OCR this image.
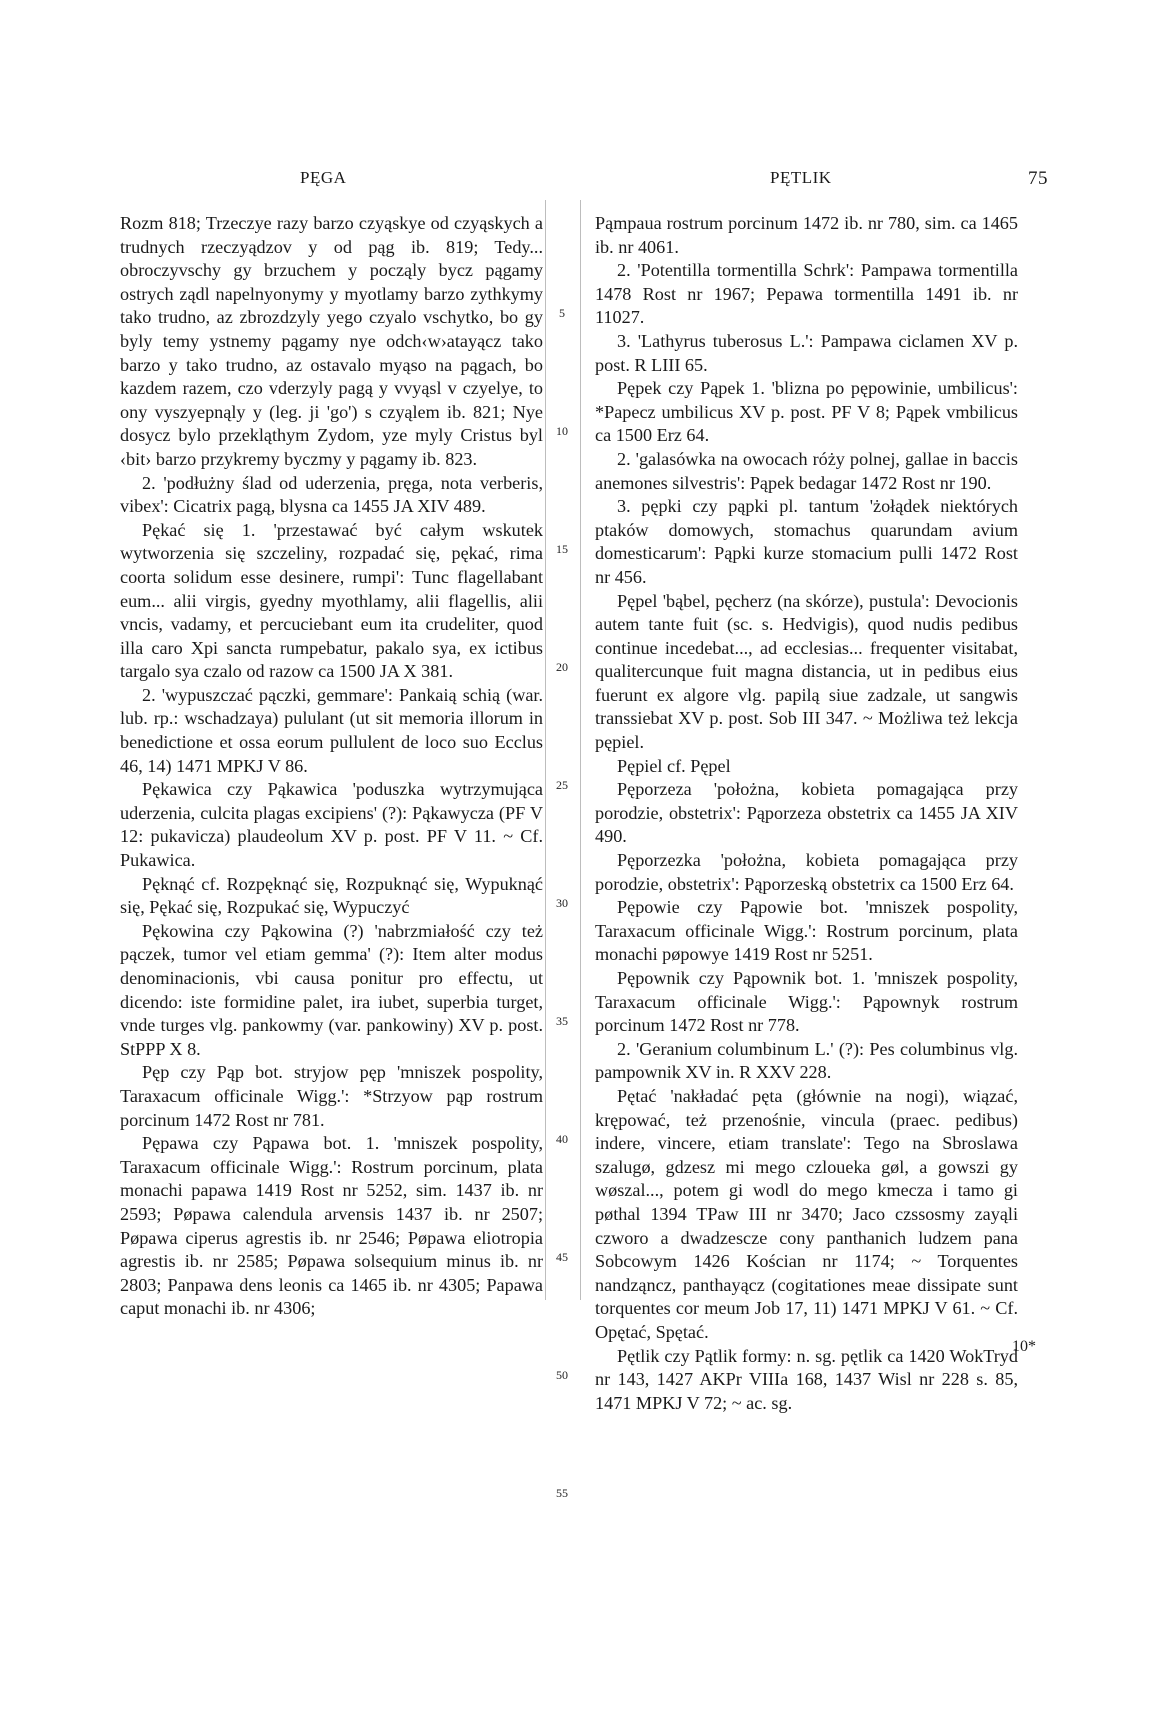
PĘGA	PĘTLIK	75

Rozm 818; Trzeczye razy barzo czyąskye od czyąskych a trudnych rzeczyądzov y od pąg ib. 819; Tedy... obroczyvschy gy brzuchem y począly bycz pągamy ostrych ządl napelnyonymy y myotlamy barzo zythkymy tako trudno, az zbrozdzyly yego czyalo vschytko, bo gy byly temy ystnemy pągamy nye odch‹w›atayącz tako barzo y tako trudno, az ostavalo myąso na pągach, bo kazdem razem, czo vderzyly pagą y vvyąsl v czyelye, to ony vyszyepnąly y (leg. ji 'go') s czyąlem ib. 821; Nye dosycz bylo przekląthym Zydom, yze myly Cristus byl ‹bit› barzo przykremy byczmy y pągamy ib. 823.

2. 'podłużny ślad od uderzenia, pręga, nota verberis, vibex': Cicatrix pagą, blysna ca 1455 JA XIV 489.

Pękać się 1. 'przestawać być całym wskutek wytworzenia się szczeliny, rozpadać się, pękać, rima coorta solidum esse desinere, rumpi': Tunc flagellabant eum... alii virgis, gyedny myothlamy, alii flagellis, alii vncis, vadamy, et percuciebant eum ita crudeliter, quod illa caro Xpi sancta rumpebatur, pakalo sya, ex ictibus targalo sya czalo od razow ca 1500 JA X 381.

2. 'wypuszczać pączki, gemmare': Pankaią schią (war. lub. rp.: wschadzaya) pululant (ut sit memoria illorum in benedictione et ossa eorum pullulent de loco suo Ecclus 46, 14) 1471 MPKJ V 86.

Pękawica czy Pąkawica 'poduszka wytrzymująca uderzenia, culcita plagas excipiens' (?): Pąkawycza (PF V 12: pukavicza) plaudeolum XV p. post. PF V 11. ~ Cf. Pukawica.

Pęknąć cf. Rozpęknąć się, Rozpuknąć się, Wypuknąć się, Pękać się, Rozpukać się, Wypuczyć

Pękowina czy Pąkowina (?) 'nabrzmiałość czy też pączek, tumor vel etiam gemma' (?): Item alter modus denominacionis, vbi causa ponitur pro effectu, ut dicendo: iste formidine palet, ira iubet, superbia turget, vnde turges vlg. pankowmy (var. pankowiny) XV p. post. StPPP X 8.

Pęp czy Pąp bot. stryjow pęp 'mniszek pospolity, Taraxacum officinale Wigg.': *Strzyow pąp rostrum porcinum 1472 Rost nr 781.

Pępawa czy Pąpawa bot. 1. 'mniszek pospolity, Taraxacum officinale Wigg.': Rostrum porcinum, plata monachi papawa 1419 Rost nr 5252, sim. 1437 ib. nr 2593; Pøpawa calendula arvensis 1437 ib. nr 2507; Pøpawa ciperus agrestis ib. nr 2546; Pøpawa eliotropia agrestis ib. nr 2585; Pøpawa solsequium minus ib. nr 2803; Panpawa dens leonis ca 1465 ib. nr 4305; Papawa caput monachi ib. nr 4306;

5
10
15
20
25
30
35
40
45
50
55

Pąmpaua rostrum porcinum 1472 ib. nr 780, sim. ca 1465 ib. nr 4061.

2. 'Potentilla tormentilla Schrk': Pampawa tormentilla 1478 Rost nr 1967; Pepawa tormentilla 1491 ib. nr 11027.

3. 'Lathyrus tuberosus L.': Pampawa ciclamen XV p. post. R LIII 65.

Pępek czy Pąpek 1. 'blizna po pępowinie, umbilicus': *Papecz umbilicus XV p. post. PF V 8; Pąpek vmbilicus ca 1500 Erz 64.

2. 'galasówka na owocach róży polnej, gallae in baccis anemones silvestris': Pąpek bedagar 1472 Rost nr 190.

3. pępki czy pąpki pl. tantum 'żołądek niektórych ptaków domowych, stomachus quarundam avium domesticarum': Pąpki kurze stomacium pulli 1472 Rost nr 456.

Pępel 'bąbel, pęcherz (na skórze), pustula': Devocionis autem tante fuit (sc. s. Hedvigis), quod nudis pedibus continue incedebat..., ad ecclesias... frequenter visitabat, qualitercunque fuit magna distancia, ut in pedibus eius fuerunt ex algore vlg. papilą siue zadzale, ut sangwis transsiebat XV p. post. Sob III 347. ~ Możliwa też lekcja pępiel.

Pępiel cf. Pępel

Pęporzeza 'położna, kobieta pomagająca przy porodzie, obstetrix': Pąporzeza obstetrix ca 1455 JA XIV 490.

Pęporzezka 'położna, kobieta pomagająca przy porodzie, obstetrix': Pąporzeską obstetrix ca 1500 Erz 64.

Pępowie czy Pąpowie bot. 'mniszek pospolity, Taraxacum officinale Wigg.': Rostrum porcinum, plata monachi pøpowye 1419 Rost nr 5251.

Pępownik czy Pąpownik bot. 1. 'mniszek pospolity, Taraxacum officinale Wigg.': Pąpownyk rostrum porcinum 1472 Rost nr 778.

2. 'Geranium columbinum L.' (?): Pes columbinus vlg. pampownik XV in. R XXV 228.

Pętać 'nakładać pęta (głównie na nogi), wiązać, krępować, też przenośnie, vincula (praec. pedibus) indere, vincere, etiam translate': Tego na Sbroslawa szalugø, gdzesz mi mego czloueka gøl, a gowszi gy wøszal..., potem gi wodl do mego kmecza i tamo gi pøthal 1394 TPaw III nr 3470; Jaco czssosmy zayąli czworo a dwadzescze cony panthanich ludzem pana Sobcowym 1426 Kościan nr 1174; ~ Torquentes nandząncz, panthayącz (cogitationes meae dissipate sunt torquentes cor meum Job 17, 11) 1471 MPKJ V 61. ~ Cf. Opętać, Spętać.

Pętlik czy Pątlik formy: n. sg. pętlik ca 1420 WokTryd nr 143, 1427 AKPr VIIIa 168, 1437 Wisl nr 228 s. 85, 1471 MPKJ V 72; ~ ac. sg.

10*
